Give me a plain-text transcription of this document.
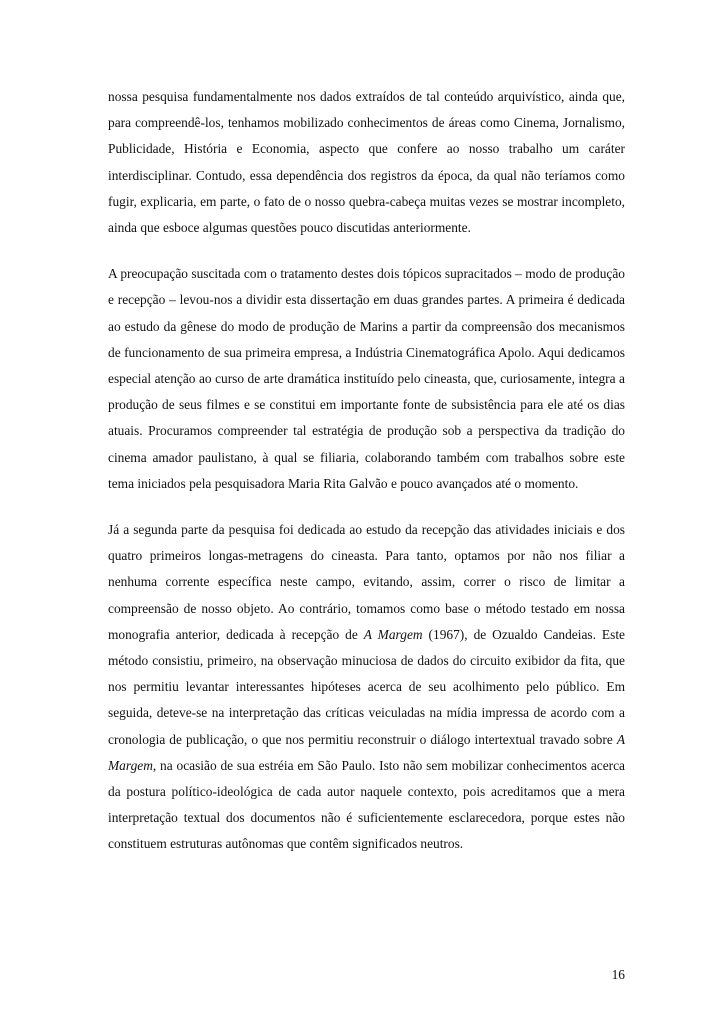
nossa pesquisa fundamentalmente nos dados extraídos de tal conteúdo arquivístico, ainda que, para compreendê-los, tenhamos mobilizado conhecimentos de áreas como Cinema, Jornalismo, Publicidade, História e Economia, aspecto que confere ao nosso trabalho um caráter interdisciplinar. Contudo, essa dependência dos registros da época, da qual não teríamos como fugir, explicaria, em parte, o fato de o nosso quebra-cabeça muitas vezes se mostrar incompleto, ainda que esboce algumas questões pouco discutidas anteriormente.

A preocupação suscitada com o tratamento destes dois tópicos supracitados – modo de produção e recepção – levou-nos a dividir esta dissertação em duas grandes partes. A primeira é dedicada ao estudo da gênese do modo de produção de Marins a partir da compreensão dos mecanismos de funcionamento de sua primeira empresa, a Indústria Cinematográfica Apolo. Aqui dedicamos especial atenção ao curso de arte dramática instituído pelo cineasta, que, curiosamente, integra a produção de seus filmes e se constitui em importante fonte de subsistência para ele até os dias atuais. Procuramos compreender tal estratégia de produção sob a perspectiva da tradição do cinema amador paulistano, à qual se filiaria, colaborando também com trabalhos sobre este tema iniciados pela pesquisadora Maria Rita Galvão e pouco avançados até o momento.

Já a segunda parte da pesquisa foi dedicada ao estudo da recepção das atividades iniciais e dos quatro primeiros longas-metragens do cineasta. Para tanto, optamos por não nos filiar a nenhuma corrente específica neste campo, evitando, assim, correr o risco de limitar a compreensão de nosso objeto. Ao contrário, tomamos como base o método testado em nossa monografia anterior, dedicada à recepção de A Margem (1967), de Ozualdo Candeias. Este método consistiu, primeiro, na observação minuciosa de dados do circuito exibidor da fita, que nos permitiu levantar interessantes hipóteses acerca de seu acolhimento pelo público. Em seguida, deteve-se na interpretação das críticas veiculadas na mídia impressa de acordo com a cronologia de publicação, o que nos permitiu reconstruir o diálogo intertextual travado sobre A Margem, na ocasião de sua estréia em São Paulo. Isto não sem mobilizar conhecimentos acerca da postura político-ideológica de cada autor naquele contexto, pois acreditamos que a mera interpretação textual dos documentos não é suficientemente esclarecedora, porque estes não constituem estruturas autônomas que contêm significados neutros.

16
